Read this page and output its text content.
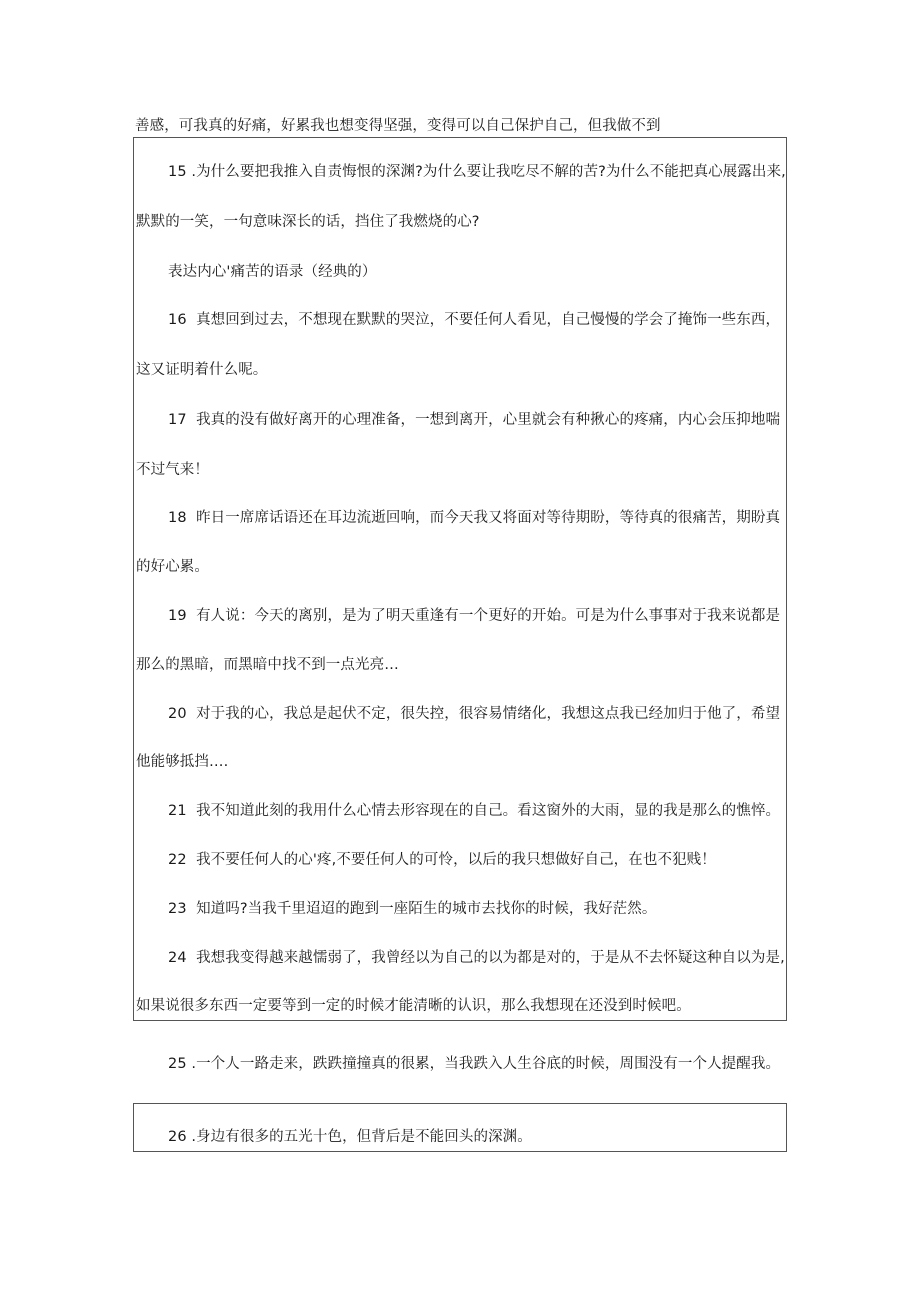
善感，可我真的好痛，好累我也想变得坚强，变得可以自己保护自己，但我做不到
15 .为什么要把我推入自责悔恨的深渊?为什么要让我吃尽不解的苦?为什么不能把真心展露出来,
默默的一笑，一句意味深长的话，挡住了我燃烧的心?
表达内心'痛苦的语录（经典的）
16 真想回到过去，不想现在默默的哭泣，不要任何人看见，自己慢慢的学会了掩饰一些东西，
这又证明着什么呢。
17 我真的没有做好离开的心理准备，一想到离开，心里就会有种揪心的疼痛，内心会压抑地喘
不过气来！
18 昨日一席席话语还在耳边流逝回响，而今天我又将面对等待期盼，等待真的很痛苦，期盼真
的好心累。
19 有人说：今天的离别，是为了明天重逢有一个更好的开始。可是为什么事事对于我来说都是
那么的黑暗，而黑暗中找不到一点光亮…
20 对于我的心，我总是起伏不定，很失控，很容易情绪化，我想这点我已经加归于他了，希望
他能够抵挡….
21 我不知道此刻的我用什么心情去形容现在的自己。看这窗外的大雨，显的我是那么的憔悴。
22 我不要任何人的心'疼,不要任何人的可怜，以后的我只想做好自己，在也不犯贱！
23 知道吗?当我千里迢迢的跑到一座陌生的城市去找你的时候，我好茫然。
24 我想我变得越来越懦弱了，我曾经以为自己的以为都是对的，于是从不去怀疑这种自以为是,
如果说很多东西一定要等到一定的时候才能清晰的认识，那么我想现在还没到时候吧。
25 .一个人一路走来，跌跌撞撞真的很累，当我跌入人生谷底的时候，周围没有一个人提醒我。
26 .身边有很多的五光十色，但背后是不能回头的深渊。
